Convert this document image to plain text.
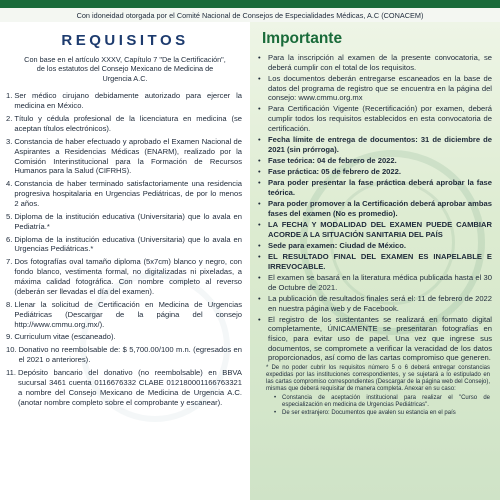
Con idoneidad otorgada por el Comité Nacional de Consejos de Especialidades Médicas, A.C (CONACEM)
REQUISITOS
Con base en el artículo XXXV, Capítulo 7 "De la Certificación", de los estatutos del Consejo Mexicano de Medicina de Urgencia A.C.
1. Ser médico cirujano debidamente autorizado para ejercer la medicina en México.
2. Título y cédula profesional de la licenciatura en medicina (se aceptan títulos electrónicos).
3. Constancia de haber efectuado y aprobado el Examen Nacional de Aspirantes a Residencias Médicas (ENARM), realizado por la Comisión Interinstitucional para la Formación de Recursos Humanos para la Salud (CIFRHS).
4. Constancia de haber terminado satisfactoriamente una residencia progresiva hospitalaria en Urgencias Pediátricas, de por lo menos 2 años.
5. Diploma de la institución educativa (Universitaria) que lo avala en Pediatría.*
6. Diploma de la institución educativa (Universitaria) que lo avala en Urgencias Pediátricas.*
7. Dos fotografías oval tamaño diploma (5x7cm) blanco y negro, con fondo blanco, vestimenta formal, no digitalizadas ni pixeladas, a máxima calidad fotográfica. Con nombre completo al reverso (deberán ser llevadas el día del examen).
8. Llenar la solicitud de Certificación en Medicina de Urgencias Pediátricas (Descargar de la página del consejo http://www.cmmu.org.mx/).
9. Curriculum vitae (escaneado).
10. Donativo no reembolsable de: $ 5,700.00/100 m.n. (egresados en el 2021 o anteriores).
11. Depósito bancario del donativo (no reembolsable) en BBVA sucursal 3461 cuenta 0116676332 CLABE 012180001166763321 a nombre del Consejo Mexicano de Medicina de Urgencia A.C. (anotar nombre completo sobre el comprobante y escanear).
Importante
• Para la inscripción al examen de la presente convocatoria, se deberá cumplir con el total de los requisitos.
• Los documentos deberán entregarse escaneados en la base de datos del programa de registro que se encuentra en la página del consejo: www.cmmu.org.mx
• Para Certificación Vigente (Recertificación) por examen, deberá cumplir todos los requisitos establecidos en esta convocatoria de certificación.
• Fecha límite de entrega de documentos: 31 de diciembre de 2021 (sin prórroga).
• Fase teórica: 04 de febrero de 2022.
• Fase práctica: 05 de febrero de 2022.
• Para poder presentar la fase práctica deberá aprobar la fase teórica.
• Para poder promover a la Certificación deberá aprobar ambas fases del examen (No es promedio).
• LA FECHA Y MODALIDAD DEL EXAMEN PUEDE CAMBIAR ACORDE A LA SITUACIÓN SANITARIA DEL PAÍS
• Sede para examen: Ciudad de México.
• EL RESULTADO FINAL DEL EXAMEN ES INAPELABLE E IRREVOCABLE.
• El examen se basará en la literatura médica publicada hasta el 30 de Octubre de 2021.
• La publicación de resultados finales será el: 11 de febrero de 2022 en nuestra página web y de Facebook.
• El registro de los sustentantes se realizará en formato digital completamente, ÚNICAMENTE se presentaran fotografías en físico, para evitar uso de papel. Una vez que ingrese sus documentos, se compromete a verificar la veracidad de los datos proporcionados, así como de las cartas compromiso que generen.
* De no poder cubrir los requisitos número 5 o 6 deberá entregar constancias expedidas por las instituciones correspondientes, y se sujetará a lo estipulado en las cartas compromiso correspondientes (Descargar de la página web del Consejo), mismas que deberá requisitar de manera completa. Anexar en su caso:
• Constancia de aceptación institucional para realizar el "Curso de especialización en medicina de Urgencias Pediátricas".
• De ser extranjero: Documentos que avalen su estancia en el país
